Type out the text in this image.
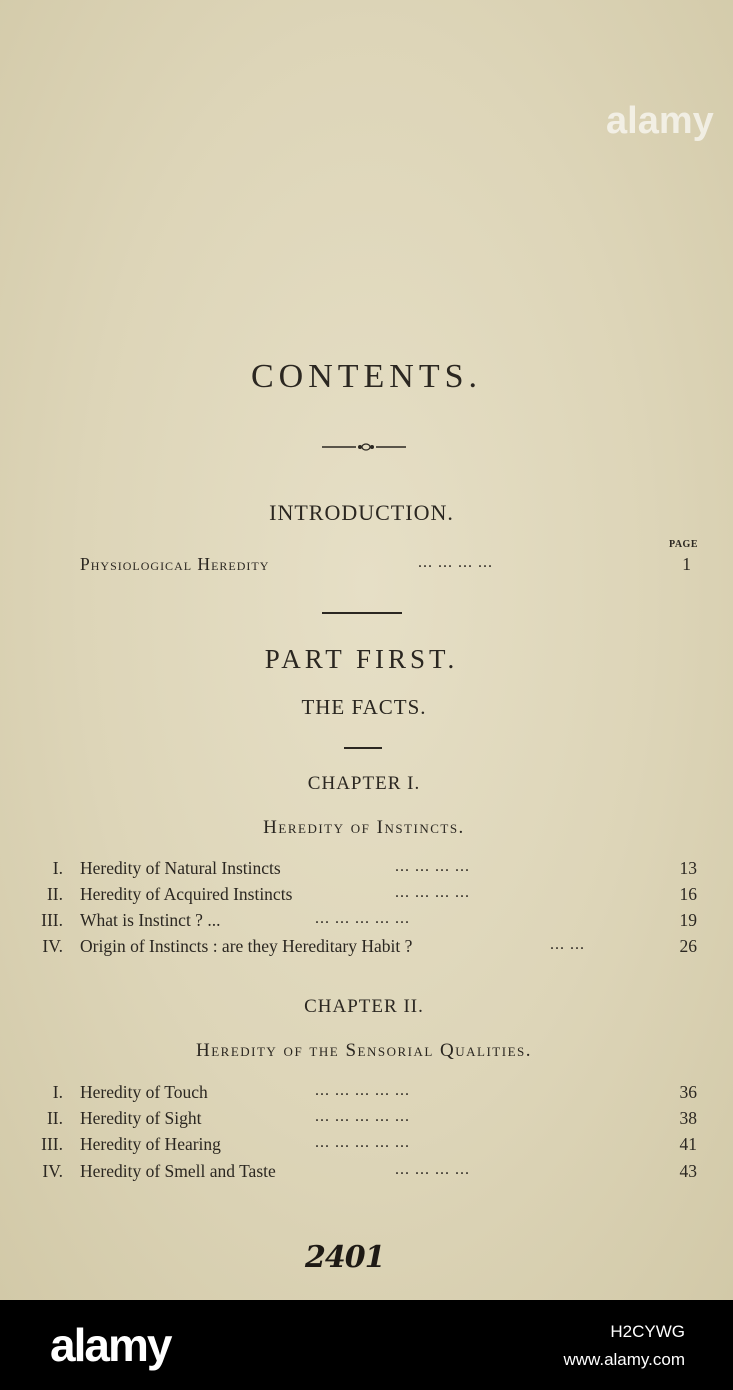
CONTENTS.
INTRODUCTION.
PAGE
Physiological Heredity	... ... ... ...	1
PART FIRST.
THE FACTS.
CHAPTER I.
Heredity of Instincts.
I. Heredity of Natural Instincts	... ... ... ...	13
II. Heredity of Acquired Instincts	... ... ... ...	16
III. What is Instinct ? ...	... ... ... ... ...	19
IV. Origin of Instincts : are they Hereditary Habit ?	... ...	26
CHAPTER II.
Heredity of the Sensorial Qualities.
I. Heredity of Touch	... ... ... ... ...	36
II. Heredity of Sight	... ... ... ... ...	38
III. Heredity of Hearing	... ... ... ... ...	41
IV. Heredity of Smell and Taste	... ... ... ...	43
2401
alamy
alamy	H2CYWG
www.alamy.com
